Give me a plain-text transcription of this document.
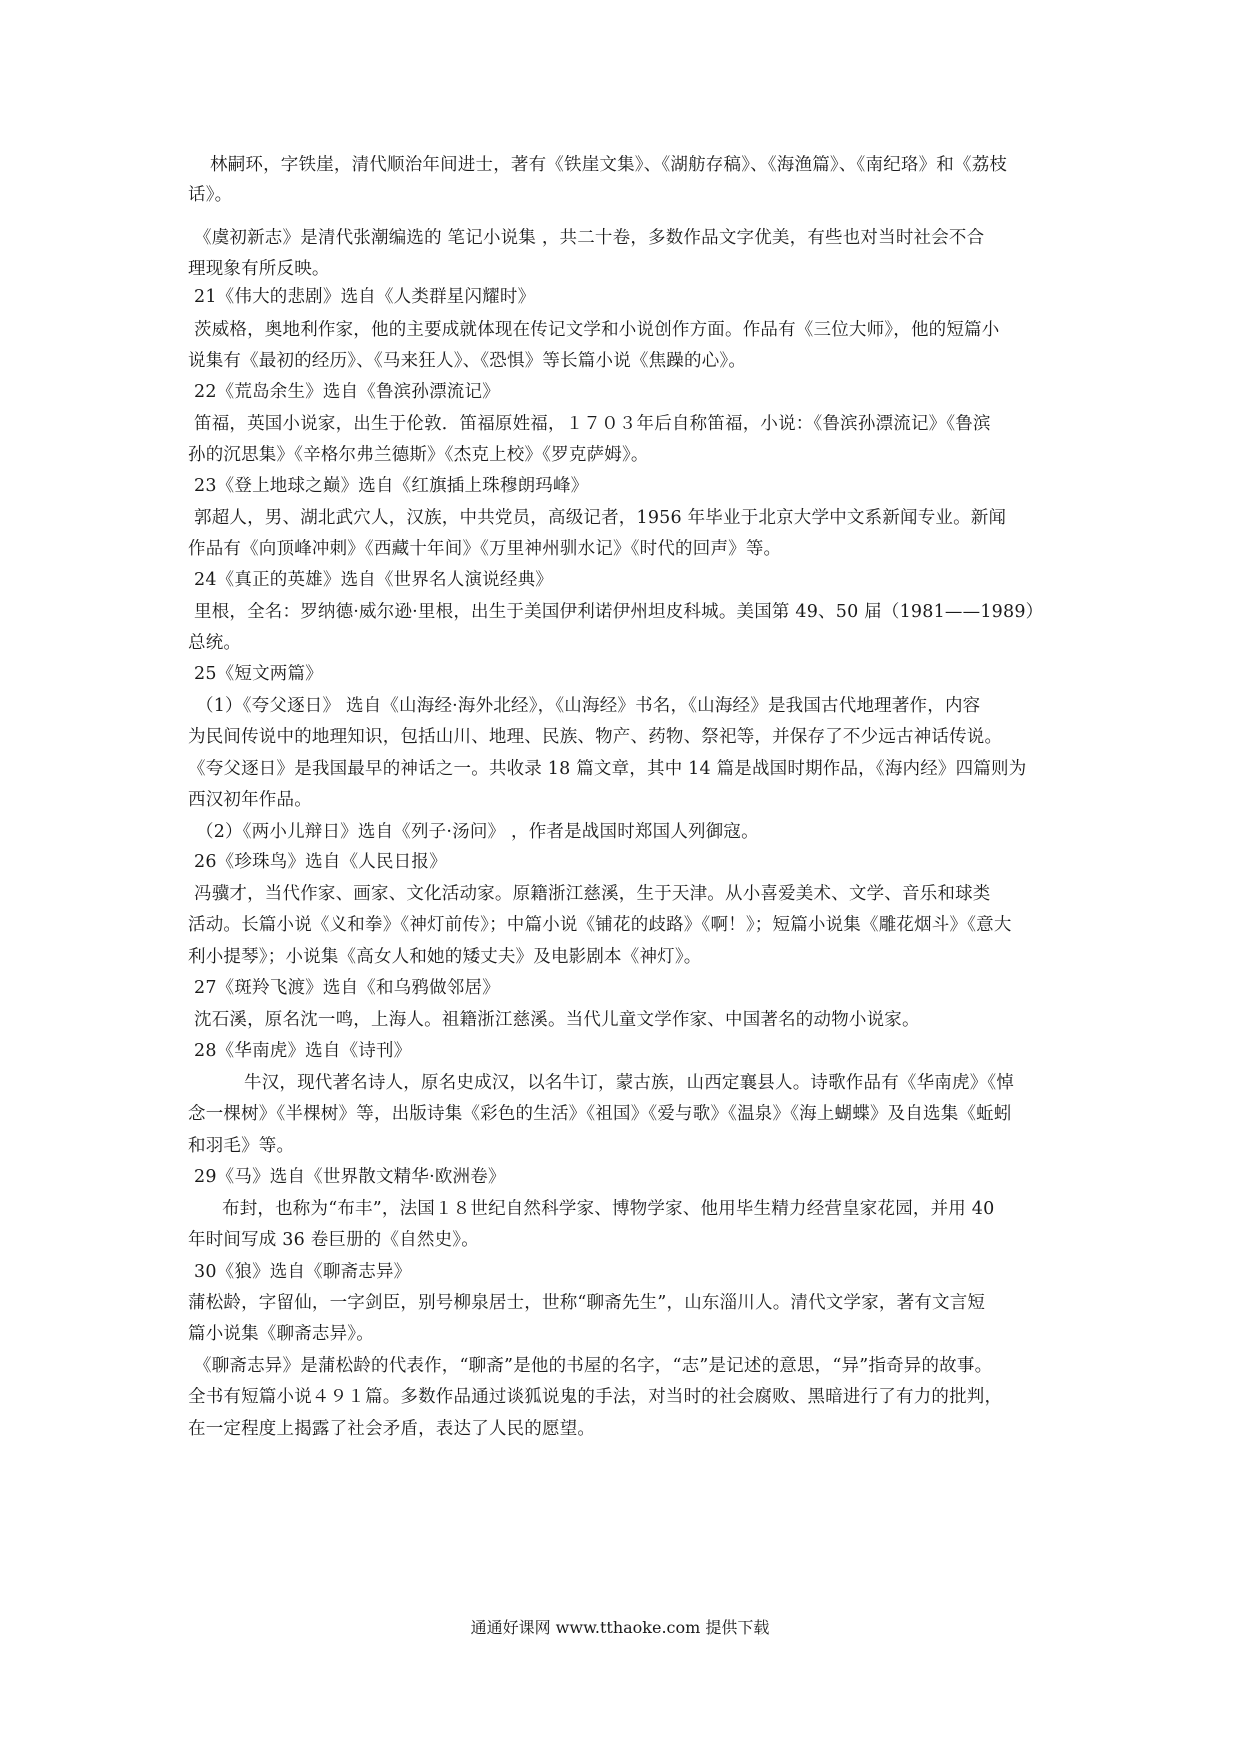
林嗣环，字铁崖，清代顺治年间进士，著有《铁崖文集》、《湖舫存稿》、《海渔篇》、《南纪珞》和《荔枝

话》。

《虞初新志》是清代张潮编选的 笔记小说集 ，共二十卷，多数作品文字优美，有些也对当时社会不合

理现象有所反映。

21《伟大的悲剧》选自《人类群星闪耀时》

茨威格，奥地利作家，他的主要成就体现在传记文学和小说创作方面。作品有《三位大师》，他的短篇小

说集有《最初的经历》、《马来狂人》、《恐惧》等长篇小说《焦躁的心》。

22《荒岛余生》选自《鲁滨孙漂流记》

笛福，英国小说家，出生于伦敦．笛福原姓福，１７０３年后自称笛福，小说：《鲁滨孙漂流记》《鲁滨

孙的沉思集》《辛格尔弗兰德斯》《杰克上校》《罗克萨姆》。

23《登上地球之巅》选自《红旗插上珠穆朗玛峰》

郭超人，男、湖北武穴人，汉族，中共党员，高级记者，1956 年毕业于北京大学中文系新闻专业。新闻

作品有《向顶峰冲刺》《西藏十年间》《万里神州驯水记》《时代的回声》等。

24《真正的英雄》选自《世界名人演说经典》

里根，全名：罗纳德·威尔逊·里根，出生于美国伊利诺伊州坦皮科城。美国第 49、50 届（1981——1989）

总统。

25《短文两篇》

（1）《夸父逐日》 选自《山海经·海外北经》，《山海经》书名，《山海经》是我国古代地理著作，内容

为民间传说中的地理知识，包括山川、地理、民族、物产、药物、祭祀等，并保存了不少远古神话传说。

《夸父逐日》是我国最早的神话之一。共收录 18 篇文章，其中 14 篇是战国时期作品，《海内经》四篇则为

西汉初年作品。

（2）《两小儿辩日》选自《列子·汤问》 ，作者是战国时郑国人列御寇。

26《珍珠鸟》选自《人民日报》

冯骥才，当代作家、画家、文化活动家。原籍浙江慈溪，生于天津。从小喜爱美术、文学、音乐和球类

活动。长篇小说《义和拳》《神灯前传》；中篇小说《铺花的歧路》《啊！》；短篇小说集《雕花烟斗》《意大

利小提琴》；小说集《高女人和她的矮丈夫》及电影剧本《神灯》。

27《斑羚飞渡》选自《和乌鸦做邻居》

沈石溪，原名沈一鸣，上海人。祖籍浙江慈溪。当代儿童文学作家、中国著名的动物小说家。

28《华南虎》选自《诗刊》

牛汉，现代著名诗人，原名史成汉，以名牛订，蒙古族，山西定襄县人。诗歌作品有《华南虎》《悼

念一棵树》《半棵树》等，出版诗集《彩色的生活》《祖国》《爱与歌》《温泉》《海上蝴蝶》及自选集《蚯蚓

和羽毛》等。

29《马》选自《世界散文精华·欧洲卷》

布封，也称为“布丰”，法国１８世纪自然科学家、博物学家、他用毕生精力经营皇家花园，并用 40

年时间写成 36 卷巨册的《自然史》。

30《狼》选自《聊斋志异》

蒲松龄，字留仙，一字剑臣，别号柳泉居士，世称“聊斋先生”，山东淄川人。清代文学家，著有文言短

篇小说集《聊斋志异》。

《聊斋志异》是蒲松龄的代表作，“聊斋”是他的书屋的名字，“志”是记述的意思，“异”指奇异的故事。

全书有短篇小说４９１篇。多数作品通过谈狐说鬼的手法，对当时的社会腐败、黑暗进行了有力的批判，

在一定程度上揭露了社会矛盾，表达了人民的愿望。

通通好课网 www.tthaoke.com 提供下载
